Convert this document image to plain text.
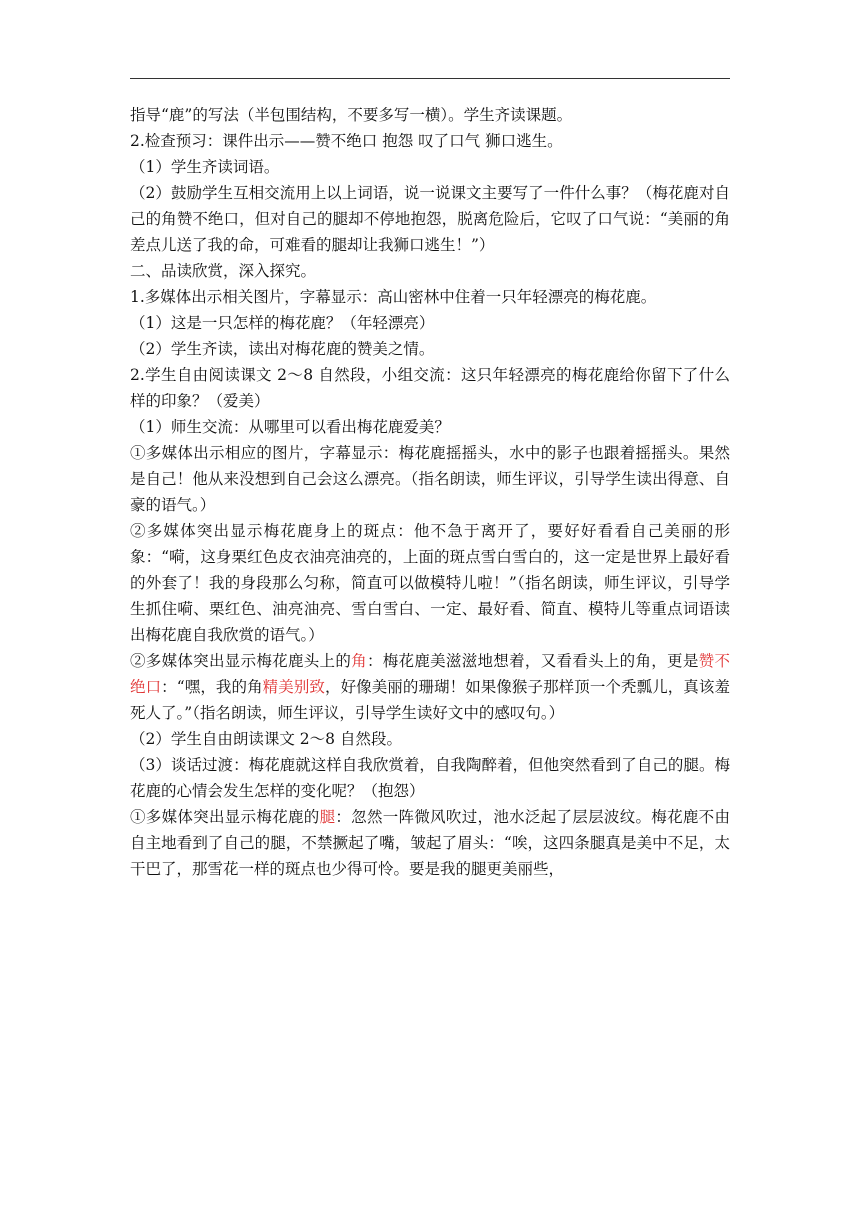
指导“鹿”的写法（半包围结构，不要多写一横）。学生齐读课题。

2.检查预习：课件出示——赞不绝口 抱怨 叹了口气 狮口逃生。

（1）学生齐读词语。

（2）鼓励学生互相交流用上以上词语，说一说课文主要写了一件什么事？（梅花鹿对自己的角赞不绝口，但对自己的腿却不停地抱怨，脱离危险后，它叹了口气说：“美丽的角差点儿送了我的命，可难看的腿却让我狮口逃生！”）

二、品读欣赏，深入探究。

1.多媒体出示相关图片，字幕显示：高山密林中住着一只年轻漂亮的梅花鹿。

（1）这是一只怎样的梅花鹿？（年轻漂亮）

（2）学生齐读，读出对梅花鹿的赞美之情。

2.学生自由阅读课文 2～8 自然段，小组交流：这只年轻漂亮的梅花鹿给你留下了什么样的印象？（爱美）

（1）师生交流：从哪里可以看出梅花鹿爱美？

①多媒体出示相应的图片，字幕显示：梅花鹿摇摇头，水中的影子也跟着摇摇头。果然是自己！他从来没想到自己会这么漂亮。（指名朗读，师生评议，引导学生读出得意、自豪的语气。）

②多媒体突出显示梅花鹿身上的斑点：他不急于离开了，要好好看看自己美丽的形象：“嗬，这身栗红色皮衣油亮油亮的，上面的斑点雪白雪白的，这一定是世界上最好看的外套了！我的身段那么匀称，简直可以做模特儿啦！”（指名朗读，师生评议，引导学生抓住嗬、栗红色、油亮油亮、雪白雪白、一定、最好看、简直、模特儿等重点词语读出梅花鹿自我欣赏的语气。）

②多媒体突出显示梅花鹿头上的角：梅花鹿美滋滋地想着，又看看头上的角，更是赞不绝口：“嘿，我的角精美别致，好像美丽的珊瑚！如果像猴子那样顶一个秃瓢儿，真该羞死人了。”（指名朗读，师生评议，引导学生读好文中的感叹句。）

（2）学生自由朗读课文 2～8 自然段。

（3）谈话过渡：梅花鹿就这样自我欣赏着，自我陶醉着，但他突然看到了自己的腿。梅花鹿的心情会发生怎样的变化呢？（抱怨）

①多媒体突出显示梅花鹿的腿：忽然一阵微风吹过，池水泛起了层层波纹。梅花鹿不由自主地看到了自己的腿，不禁撅起了嘴，皱起了眉头：“唉，这四条腿真是美中不足，太干巴了，那雪花一样的斑点也少得可怜。要是我的腿更美丽些，
